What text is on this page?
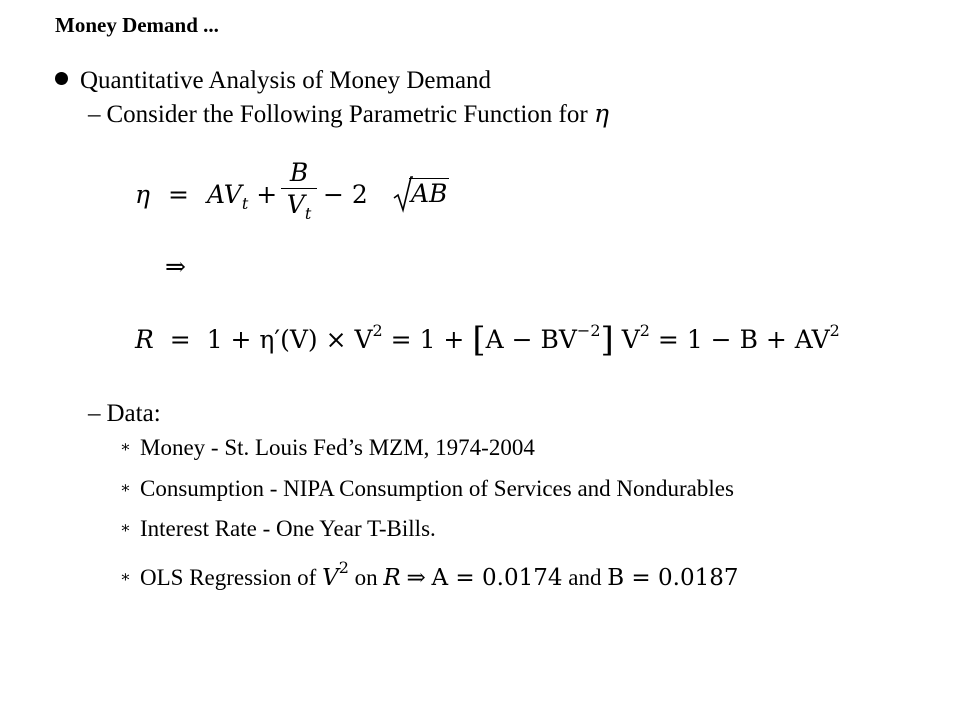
Money Demand ...
Quantitative Analysis of Money Demand
– Consider the Following Parametric Function for η
$\eta = AV_t$ +
B
$V_t$
− 2 AB
⇒
$R = 1 + \eta'(V) \times V^2 = 1 + [A - BV^{-2}] V^2 = 1 - B + AV^2$
– Data:
∗ Money - St. Louis Fed’s MZM, 1974-2004
∗ Consumption - NIPA Consumption of Services and Nondurables
∗ Interest Rate - One Year T-Bills.
∗ OLS Regression of $V^2$ on R ⇒ A = 0.0174 and B = 0.0187
